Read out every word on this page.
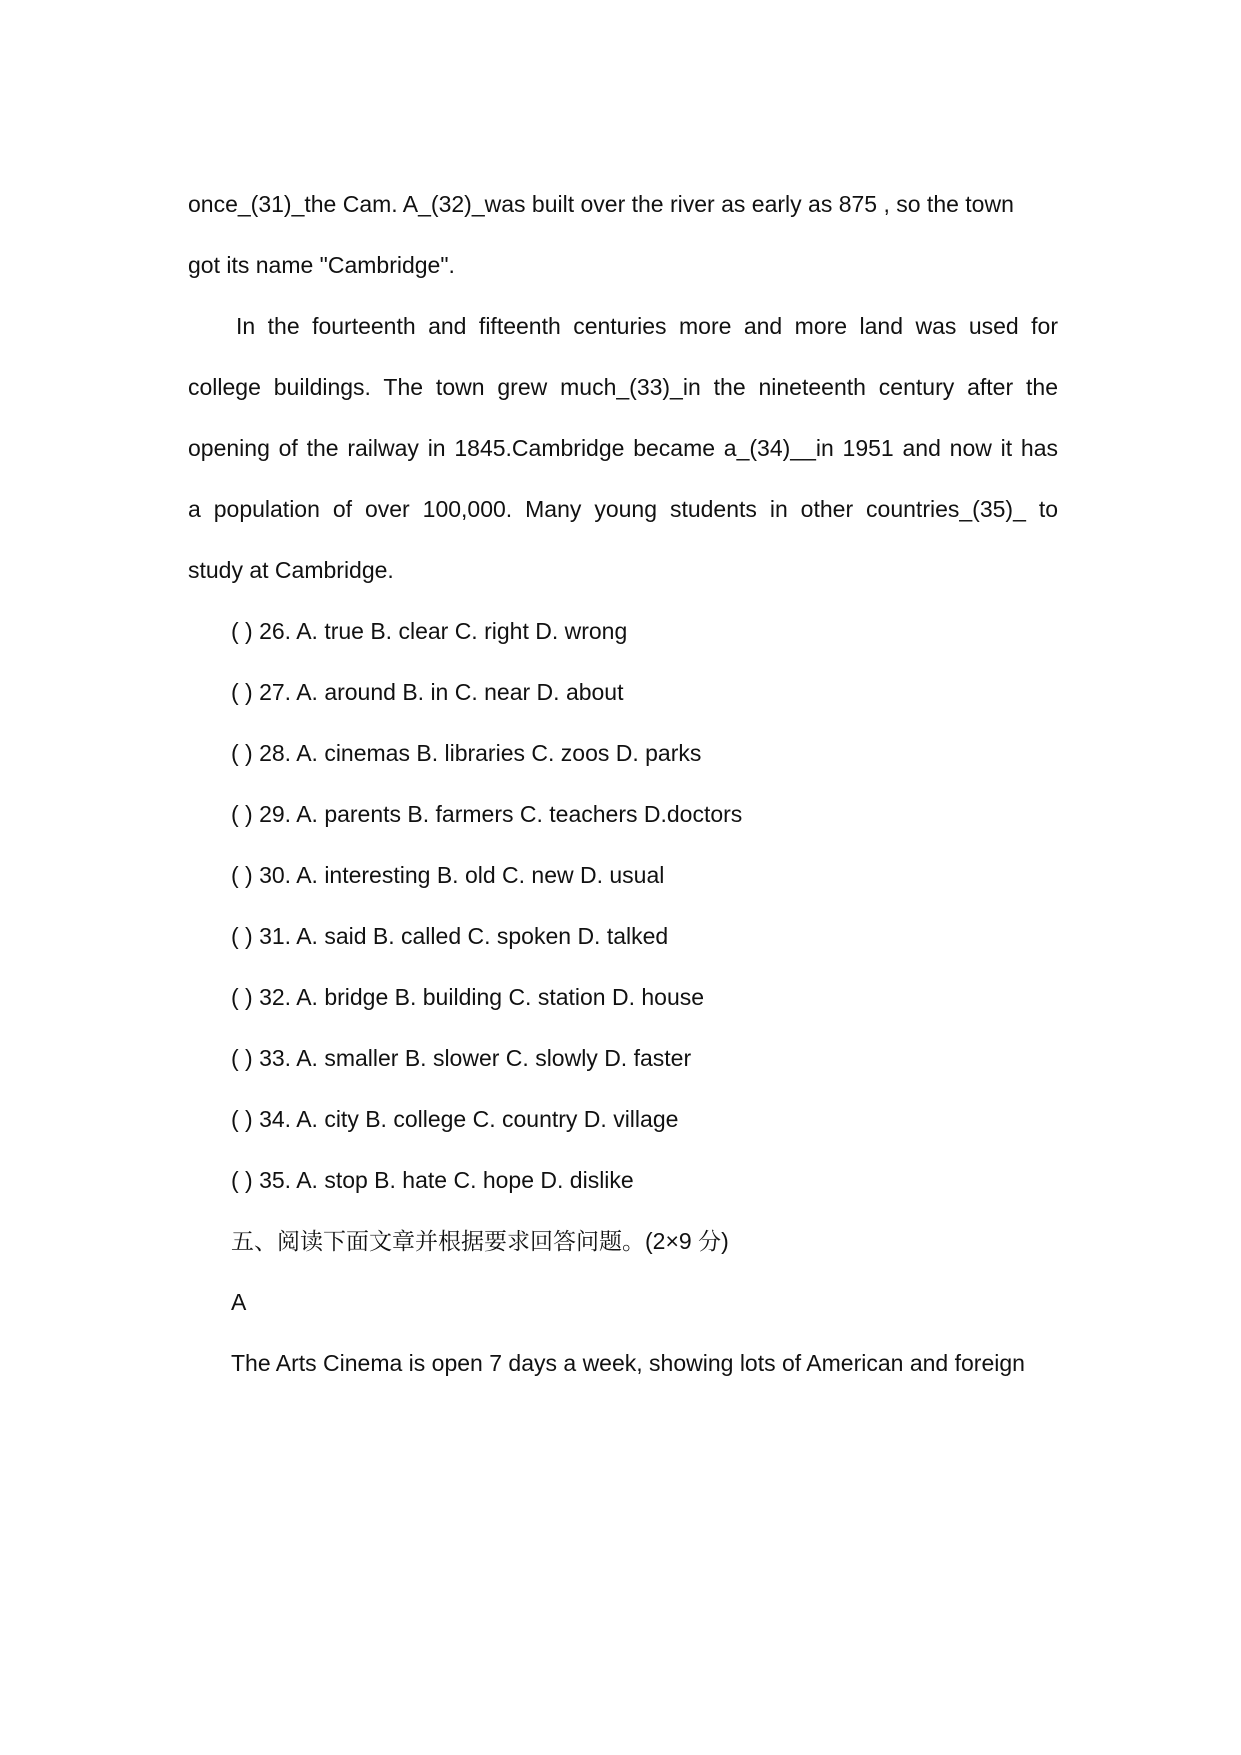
once_(31)_the Cam. A_(32)_was built over the river as early as 875 , so the town
got its name "Cambridge".
In the fourteenth and fifteenth centuries more and more land was used for
college buildings. The town grew much_(33)_in the nineteenth century after the
opening of the railway in 1845.Cambridge became a_(34)__in 1951 and now it has
a population of over 100,000. Many young students in other countries_(35)_ to
study at Cambridge.
( ) 26. A. true B. clear C. right D. wrong
( ) 27. A. around B. in C. near D. about
( ) 28. A. cinemas B. libraries C. zoos D. parks
( ) 29. A. parents B. farmers C. teachers D.doctors
( ) 30. A. interesting B. old C. new D. usual
( ) 31. A. said B. called C. spoken D. talked
( ) 32. A. bridge B. building C. station D. house
( ) 33. A. smaller B. slower C. slowly D. faster
( ) 34. A. city B. college C. country D. village
( ) 35. A. stop B. hate C. hope D. dislike
五、阅读下面文章并根据要求回答问题。(2×9 分)
A
The Arts Cinema is open 7 days a week, showing lots of American and foreign
